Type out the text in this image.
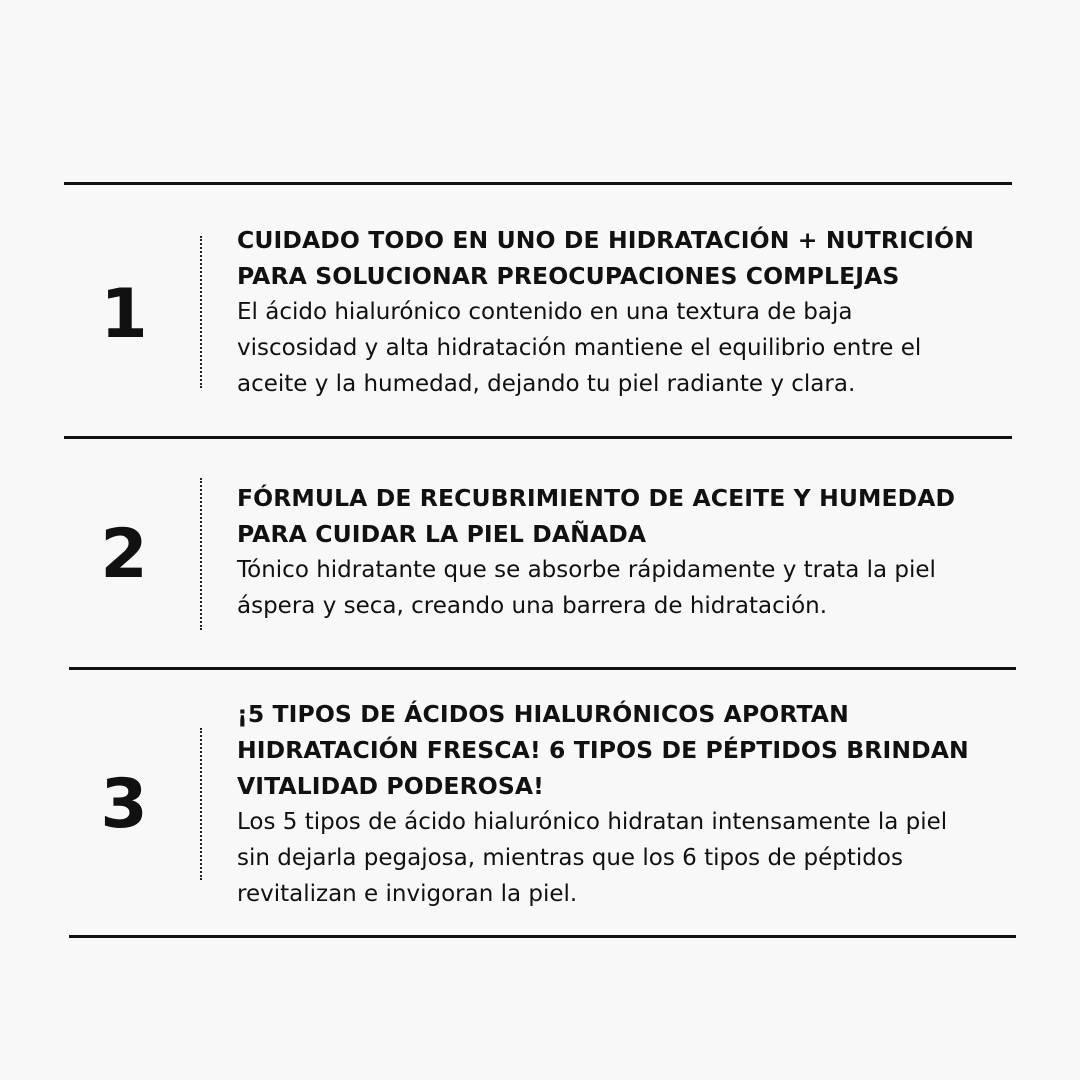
1
CUIDADO TODO EN UNO DE HIDRATACIÓN + NUTRICIÓN
PARA SOLUCIONAR PREOCUPACIONES COMPLEJAS
El ácido hialurónico contenido en una textura de baja
viscosidad y alta hidratación mantiene el equilibrio entre el
aceite y la humedad, dejando tu piel radiante y clara.
2
FÓRMULA DE RECUBRIMIENTO DE ACEITE Y HUMEDAD
PARA CUIDAR LA PIEL DAÑADA
Tónico hidratante que se absorbe rápidamente y trata la piel
áspera y seca, creando una barrera de hidratación.
3
¡5 TIPOS DE ÁCIDOS HIALURÓNICOS APORTAN
HIDRATACIÓN FRESCA! 6 TIPOS DE PÉPTIDOS BRINDAN
VITALIDAD PODEROSA!
Los 5 tipos de ácido hialurónico hidratan intensamente la piel
sin dejarla pegajosa, mientras que los 6 tipos de péptidos
revitalizan e invigoran la piel.
